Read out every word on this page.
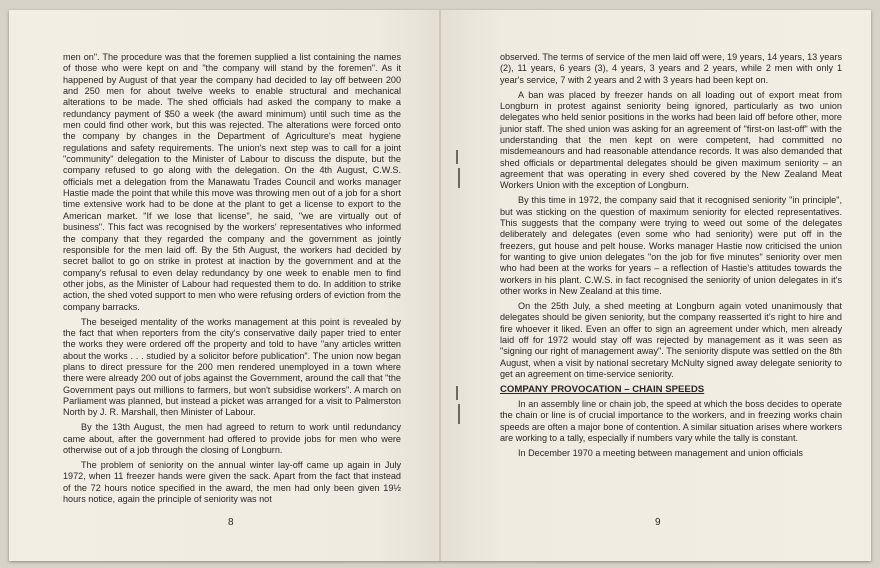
men on". The procedure was that the foremen supplied a list containing the names of those who were kept on and "the company will stand by the foremen". As it happened by August of that year the company had decided to lay off between 200 and 250 men for about twelve weeks to enable structural and mechanical alterations to be made. The shed officials had asked the company to make a redundancy payment of $50 a week (the award minimum) until such time as the men could find other work, but this was rejected. The alterations were forced onto the company by changes in the Department of Agriculture's meat hygiene regulations and safety requirements. The union's next step was to call for a joint "community" delegation to the Minister of Labour to discuss the dispute, but the company refused to go along with the delegation. On the 4th August, C.W.S. officials met a delegation from the Manawatu Trades Council and works manager Hastie made the point that while this move was throwing men out of a job for a short time extensive work had to be done at the plant to get a license to export to the American market. "If we lose that license", he said, "we are virtually out of business". This fact was recognised by the workers' representatives who informed the company that they regarded the company and the government as jointly responsible for the men laid off. By the 5th August, the workers had decided by secret ballot to go on strike in protest at inaction by the government and at the company's refusal to even delay redundancy by one week to enable men to find other jobs, as the Minister of Labour had requested them to do. In addition to strike action, the shed voted support to men who were refusing orders of eviction from the company barracks.

The beseiged mentality of the works management at this point is revealed by the fact that when reporters from the city's conservative daily paper tried to enter the works they were ordered off the property and told to have "any articles written about the works . . . studied by a solicitor before publication". The union now began plans to direct pressure for the 200 men rendered unemployed in a town where there were already 200 out of jobs against the Government, around the call that "the Government pays out millions to farmers, but won't subsidise workers". A march on Parliament was planned, but instead a picket was arranged for a visit to Palmerston North by J. R. Marshall, then Minister of Labour.

By the 13th August, the men had agreed to return to work until redundancy came about, after the government had offered to provide jobs for men who were otherwise out of a job through the closing of Longburn.

The problem of seniority on the annual winter lay-off came up again in July 1972, when 11 freezer hands were given the sack. Apart from the fact that instead of the 72 hours notice specified in the award, the men had only been given 19½ hours notice, again the principle of seniority was not

8

observed. The terms of service of the men laid off were, 19 years, 14 years, 13 years (2), 11 years, 6 years (3), 4 years, 3 years and 2 years, while 2 men with only 1 year's service, 7 with 2 years and 2 with 3 years had been kept on.

A ban was placed by freezer hands on all loading out of export meat from Longburn in protest against seniority being ignored, particularly as two union delegates who held senior positions in the works had been laid off before other, more junior staff. The shed union was asking for an agreement of "first-on last-off" with the understanding that the men kept on were competent, had committed no misdemeanours and had reasonable attendance records. It was also demanded that shed officials or departmental delegates should be given maximum seniority – an agreement that was operating in every shed covered by the New Zealand Meat Workers Union with the exception of Longburn.

By this time in 1972, the company said that it recognised seniority "in principle", but was sticking on the question of maximum seniority for elected representatives. This suggests that the company were trying to weed out some of the delegates deliberately and delegates (even some who had seniority) were put off in the freezers, gut house and pelt house. Works manager Hastie now criticised the union for wanting to give union delegates "on the job for five minutes" seniority over men who had been at the works for years – a reflection of Hastie's attitudes towards the workers in his plant. C.W.S. in fact recognised the seniority of union delegates in it's other works in New Zealand at this time.

On the 25th July, a shed meeting at Longburn again voted unanimously that delegates should be given seniority, but the company reasserted it's right to hire and fire whoever it liked. Even an offer to sign an agreement under which, men already laid off for 1972 would stay off was rejected by management as it was seen as "signing our right of management away". The seniority dispute was settled on the 8th August, when a visit by national secretary McNulty signed away delegate seniority to get an agreement on time-service seniority.

COMPANY PROVOCATION – CHAIN SPEEDS

In an assembly line or chain job, the speed at which the boss decides to operate the chain or line is of crucial importance to the workers, and in freezing works chain speeds are often a major bone of contention. A similar situation arises where workers are working to a tally, especially if numbers vary while the tally is constant.

In December 1970 a meeting between management and union officials

9
